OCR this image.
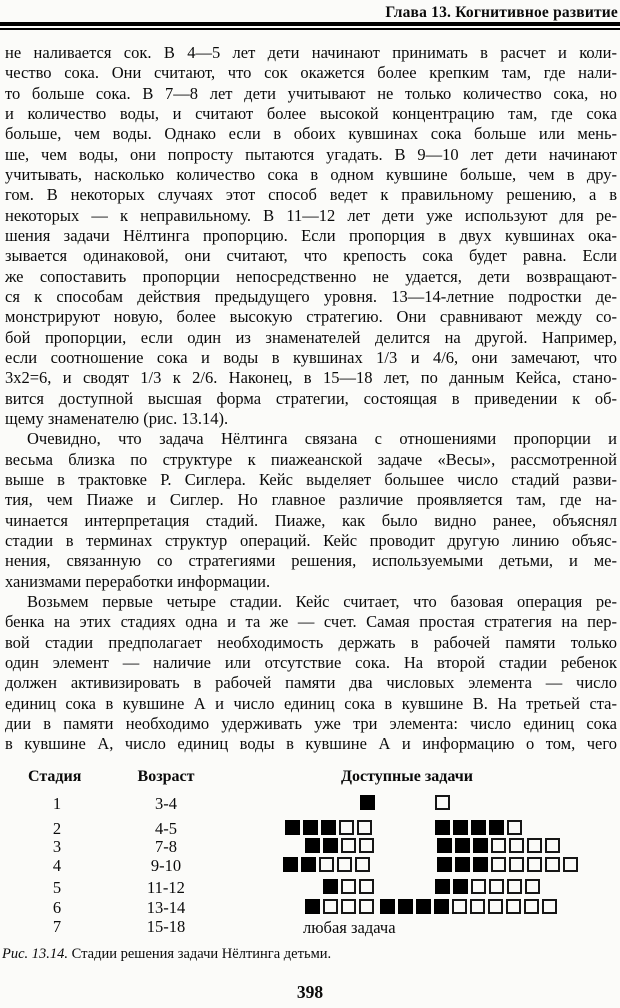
Глава 13. Когнитивное развитие
не наливается сок. В 4—5 лет дети начинают принимать в расчет и коли-
чество сока. Они считают, что сок окажется более крепким там, где нали-
то больше сока. В 7—8 лет дети учитывают не только количество сока, но
и количество воды, и считают более высокой концентрацию там, где сока
больше, чем воды. Однако если в обоих кувшинах сока больше или мень-
ше, чем воды, они попросту пытаются угадать. В 9—10 лет дети начинают
учитывать, насколько количество сока в одном кувшине больше, чем в дру-
гом. В некоторых случаях этот способ ведет к правильному решению, а в
некоторых — к неправильному. В 11—12 лет дети уже используют для ре-
шения задачи Нёлтинга пропорцию. Если пропорция в двух кувшинах ока-
зывается одинаковой, они считают, что крепость сока будет равна. Если
же сопоставить пропорции непосредственно не удается, дети возвращают-
ся к способам действия предыдущего уровня. 13—14-летние подростки де-
монстрируют новую, более высокую стратегию. Они сравнивают между со-
бой пропорции, если один из знаменателей делится на другой. Например,
если соотношение сока и воды в кувшинах 1/3 и 4/6, они замечают, что
3x2=6, и сводят 1/3 к 2/6. Наконец, в 15—18 лет, по данным Кейса, стано-
вится доступной высшая форма стратегии, состоящая в приведении к об-
щему знаменателю (рис. 13.14).
Очевидно, что задача Нёлтинга связана с отношениями пропорции и
весьма близка по структуре к пиажеанской задаче «Весы», рассмотренной
выше в трактовке Р. Сиглера. Кейс выделяет большее число стадий разви-
тия, чем Пиаже и Сиглер. Но главное различие проявляется там, где на-
чинается интерпретация стадий. Пиаже, как было видно ранее, объяснял
стадии в терминах структур операций. Кейс проводит другую линию объяс-
нения, связанную со стратегиями решения, используемыми детьми, и ме-
ханизмами переработки информации.
Возьмем первые четыре стадии. Кейс считает, что базовая операция ре-
бенка на этих стадиях одна и та же — счет. Самая простая стратегия на пер-
вой стадии предполагает необходимость держать в рабочей памяти только
один элемент — наличие или отсутствие сока. На второй стадии ребенок
должен активизировать в рабочей памяти два числовых элемента — число
единиц сока в кувшине А и число единиц сока в кувшине В. На третьей ста-
дии в памяти необходимо удерживать уже три элемента: число единиц сока
в кувшине А, число единиц воды в кувшине А и информацию о том, чего
Стадия	Возраст	Доступные задачи
1	3-4
2	4-5
3	7-8
4	9-10
5	11-12
6	13-14
7	15-18	любая задача
Рис. 13.14. Стадии решения задачи Нёлтинга детьми.
398
